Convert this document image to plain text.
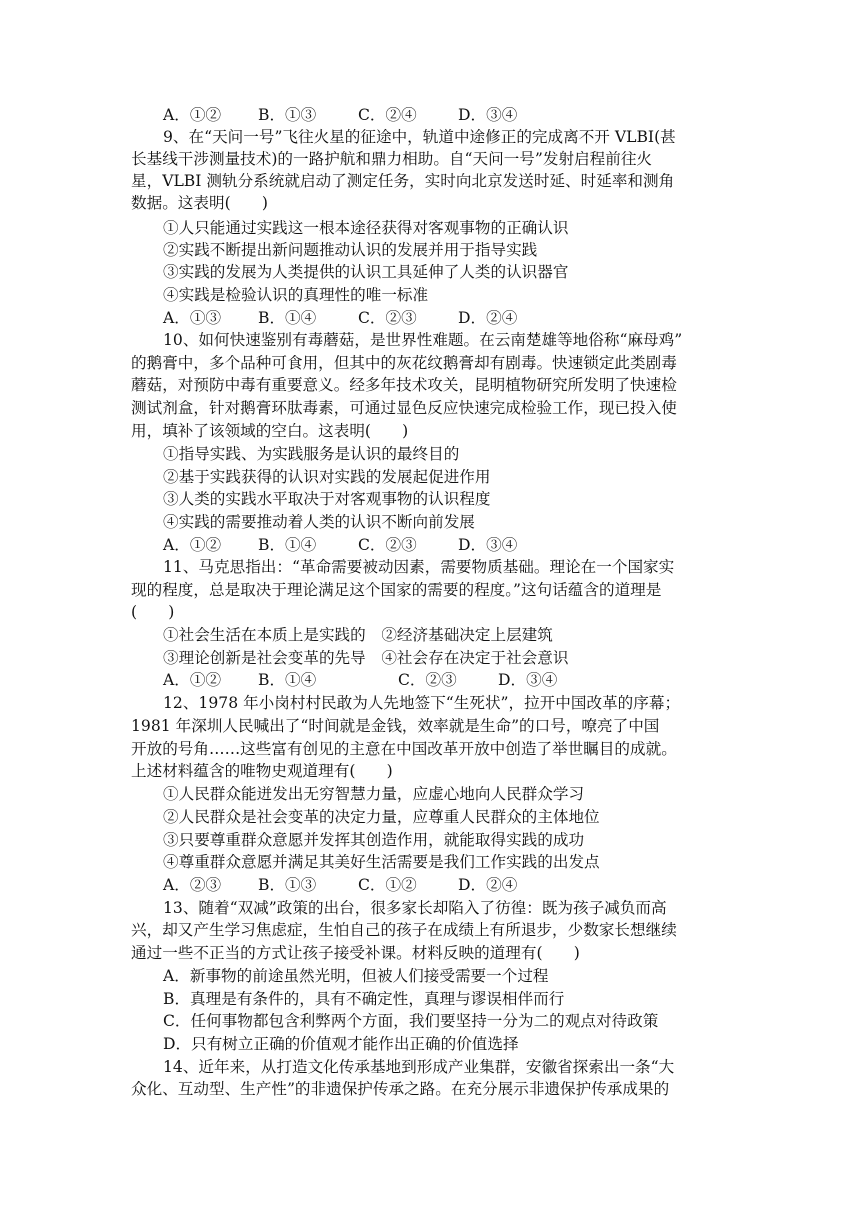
A．①② B．①③	C．②④	D．③④
9、在“天问一号”飞往火星的征途中，轨道中途修正的完成离不开 VLBI(甚
长基线干涉测量技术)的一路护航和鼎力相助。自“天问一号”发射启程前往火
星，VLBI 测轨分系统就启动了测定任务，实时向北京发送时延、时延率和测角
数据。这表明(　　)
①人只能通过实践这一根本途径获得对客观事物的正确认识
②实践不断提出新问题推动认识的发展并用于指导实践
③实践的发展为人类提供的认识工具延伸了人类的认识器官
④实践是检验认识的真理性的唯一标准
A．①③ B．①④	C．②③	D．②④
10、如何快速鉴别有毒蘑菇，是世界性难题。在云南楚雄等地俗称“麻母鸡”
的鹅膏中，多个品种可食用，但其中的灰花纹鹅膏却有剧毒。快速锁定此类剧毒
蘑菇，对预防中毒有重要意义。经多年技术攻关，昆明植物研究所发明了快速检
测试剂盒，针对鹅膏环肽毒素，可通过显色反应快速完成检验工作，现已投入使
用，填补了该领域的空白。这表明(　　)
①指导实践、为实践服务是认识的最终目的
②基于实践获得的认识对实践的发展起促进作用
③人类的实践水平取决于对客观事物的认识程度
④实践的需要推动着人类的认识不断向前发展
A．①② B．①④	C．②③	D．③④
11、马克思指出：“革命需要被动因素，需要物质基础。理论在一个国家实
现的程度，总是取决于理论满足这个国家的需要的程度。”这句话蕴含的道理是
(　　)
①社会生活在本质上是实践的　②经济基础决定上层建筑
③理论创新是社会变革的先导　④社会存在决定于社会意识
A．①② B．①④	C．②③	D．③④
12、1978 年小岗村村民敢为人先地签下“生死状”，拉开中国改革的序幕；
1981 年深圳人民喊出了“时间就是金钱，效率就是生命”的口号，嘹亮了中国
开放的号角……这些富有创见的主意在中国改革开放中创造了举世瞩目的成就。
上述材料蕴含的唯物史观道理有(　　)
①人民群众能迸发出无穷智慧力量，应虚心地向人民群众学习
②人民群众是社会变革的决定力量，应尊重人民群众的主体地位
③只要尊重群众意愿并发挥其创造作用，就能取得实践的成功
④尊重群众意愿并满足其美好生活需要是我们工作实践的出发点
A．②③ B．①③	C．①②	D．②④
13、随着“双减”政策的出台，很多家长却陷入了彷徨：既为孩子减负而高
兴，却又产生学习焦虑症，生怕自己的孩子在成绩上有所退步，少数家长想继续
通过一些不正当的方式让孩子接受补课。材料反映的道理有(　　)
A．新事物的前途虽然光明，但被人们接受需要一个过程
B．真理是有条件的，具有不确定性，真理与谬误相伴而行
C．任何事物都包含利弊两个方面，我们要坚持一分为二的观点对待政策
D．只有树立正确的价值观才能作出正确的价值选择
14、近年来，从打造文化传承基地到形成产业集群，安徽省探索出一条“大
众化、互动型、生产性”的非遗保护传承之路。在充分展示非遗保护传承成果的
